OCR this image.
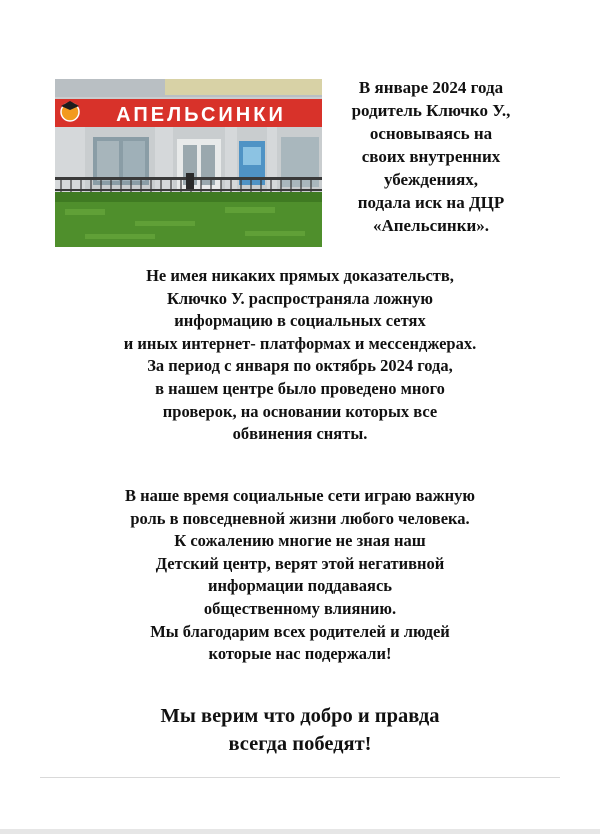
АПЕЛЬСИНКИ

В январе 2024 года

родитель Ключко У.,

основываясь на

своих внутренних

убеждениях,

подала иск на ДЦР

«Апельсинки».

Не имея никаких прямых доказательств,

Ключко У. распространяла ложную

информацию в социальных сетях

и иных интернет- платформах и мессенджерах.

За период с января по октябрь 2024 года,

в нашем центре было проведено много

проверок, на основании которых все

обвинения сняты.

В наше время социальные сети играю важную

роль в повседневной жизни любого человека.

К сожалению многие не зная наш

Детский центр, верят этой негативной

информации поддаваясь

общественному влиянию.

Мы благодарим всех родителей и людей

которые нас подержали!

Мы верим что добро и правда

всегда победят!
